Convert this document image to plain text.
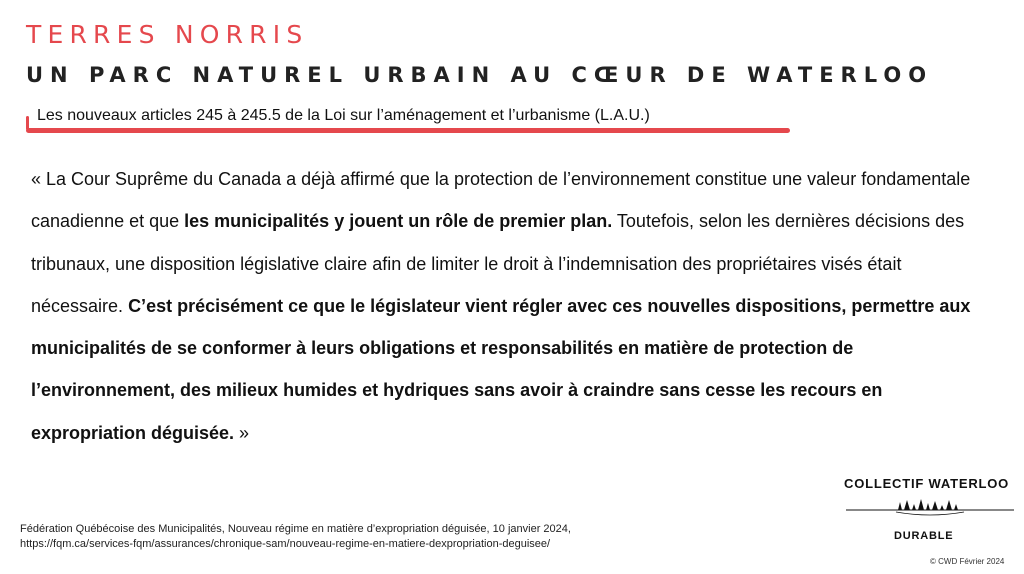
TERRES NORRIS
UN PARC NATUREL URBAIN AU CŒUR DE WATERLOO
Les nouveaux articles 245 à 245.5 de la Loi sur l’aménagement et l’urbanisme (L.A.U.)

« La Cour Suprême du Canada a déjà affirmé que la protection de l’environnement constitue une valeur fondamentale canadienne et que les municipalités y jouent un rôle de premier plan. Toutefois, selon les dernières décisions des tribunaux, une disposition législative claire afin de limiter le droit à l’indemnisation des propriétaires visés était nécessaire. C’est précisément ce que le législateur vient régler avec ces nouvelles dispositions, permettre aux municipalités de se conformer à leurs obligations et responsabilités en matière de protection de l’environnement, des milieux humides et hydriques sans avoir à craindre sans cesse les recours en expropriation déguisée. »

Fédération Québécoise des Municipalités, Nouveau régime en matière d’expropriation déguisée, 10 janvier 2024,
https://fqm.ca/services-fqm/assurances/chronique-sam/nouveau-regime-en-matiere-dexpropriation-deguisee/
COLLECTIF WATERLOO
DURABLE
© CWD Février 2024
